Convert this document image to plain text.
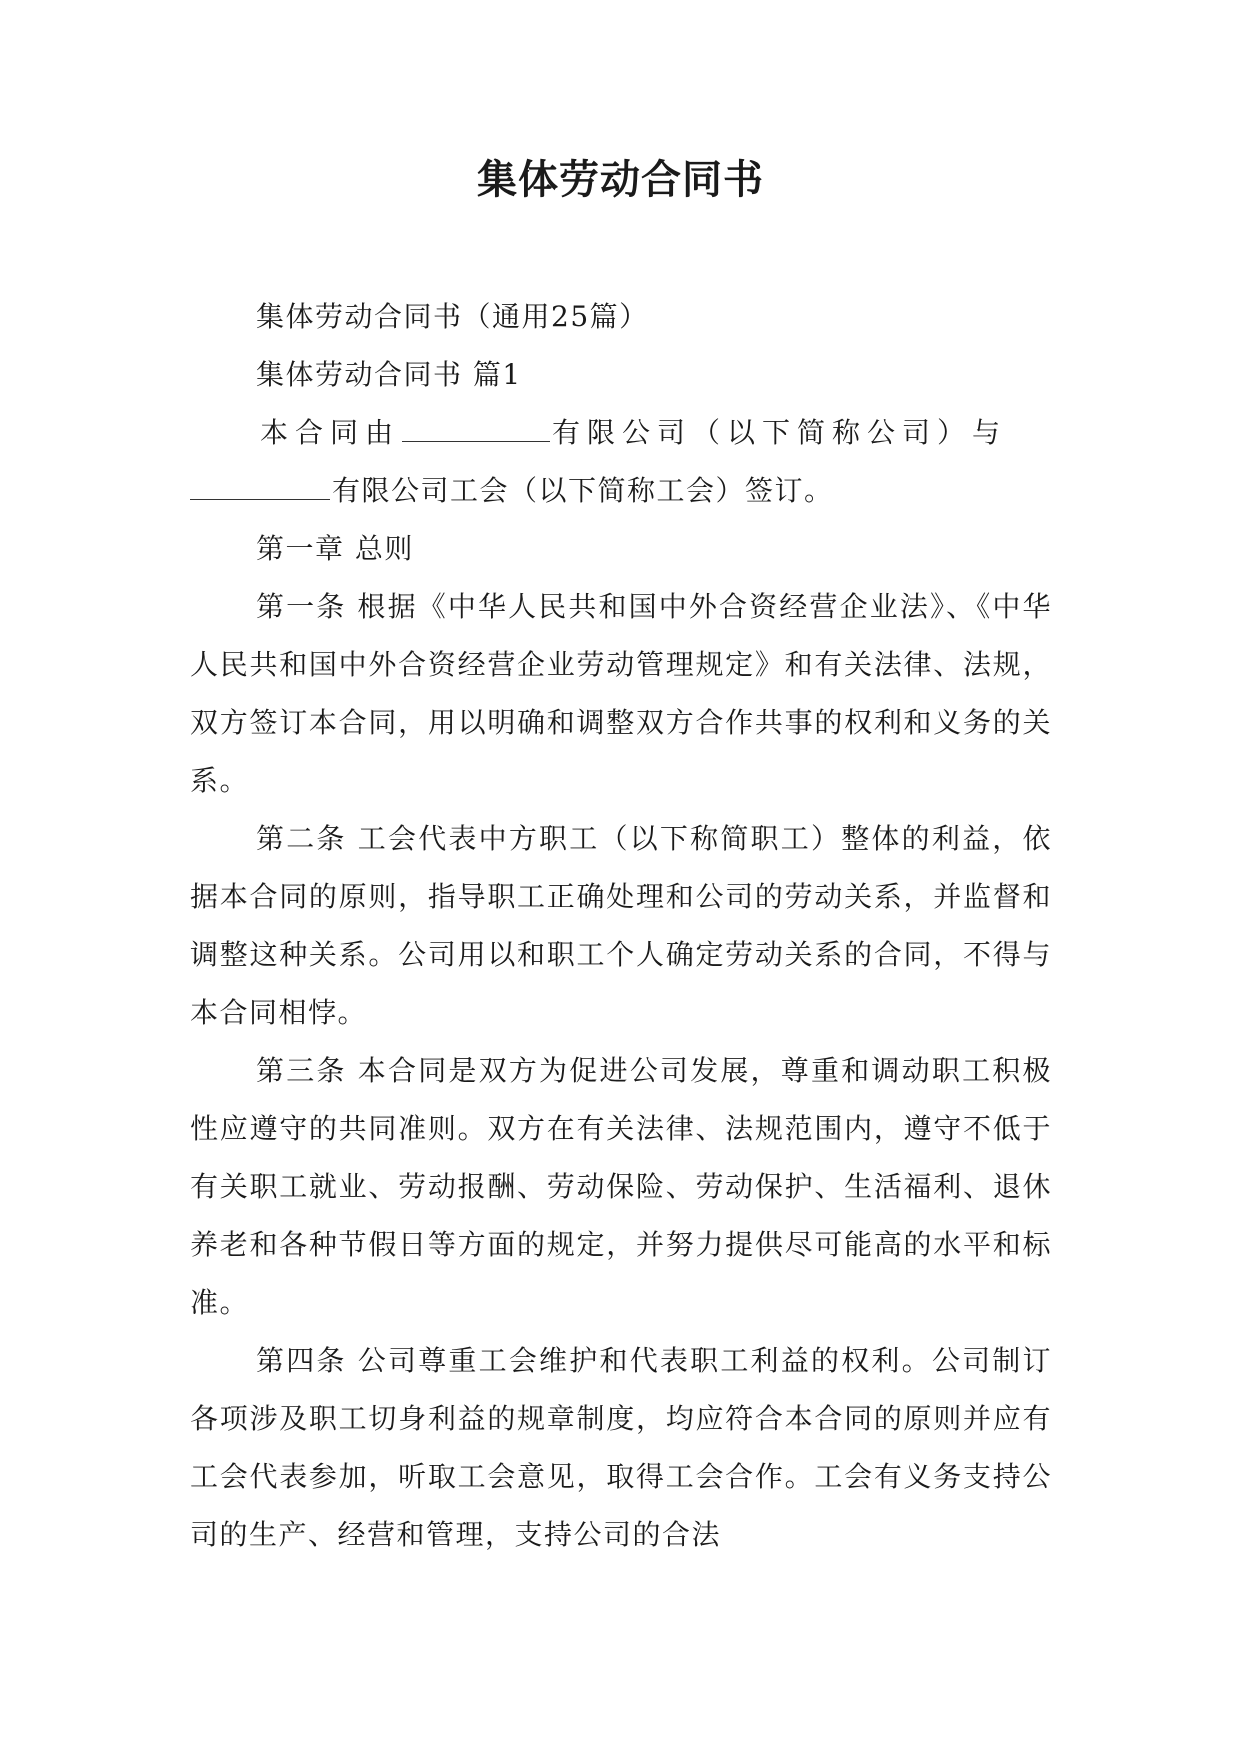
集体劳动合同书

集体劳动合同书（通用25篇）

集体劳动合同书 篇1

本合同由	有限公司（以下简称公司）与

有限公司工会（以下简称工会）签订。

第一章 总则

第一条 根据《中华人民共和国中外合资经营企业法》、《中华人民共和国中外合资经营企业劳动管理规定》和有关法律、法规，双方签订本合同，用以明确和调整双方合作共事的权利和义务的关系。

第二条 工会代表中方职工（以下称简职工）整体的利益，依据本合同的原则，指导职工正确处理和公司的劳动关系，并监督和调整这种关系。公司用以和职工个人确定劳动关系的合同，不得与本合同相悖。

第三条 本合同是双方为促进公司发展，尊重和调动职工积极性应遵守的共同准则。双方在有关法律、法规范围内，遵守不低于有关职工就业、劳动报酬、劳动保险、劳动保护、生活福利、退休养老和各种节假日等方面的规定，并努力提供尽可能高的水平和标准。

第四条 公司尊重工会维护和代表职工利益的权利。公司制订各项涉及职工切身利益的规章制度，均应符合本合同的原则并应有工会代表参加，听取工会意见，取得工会合作。工会有义务支持公司的生产、经营和管理，支持公司的合法
